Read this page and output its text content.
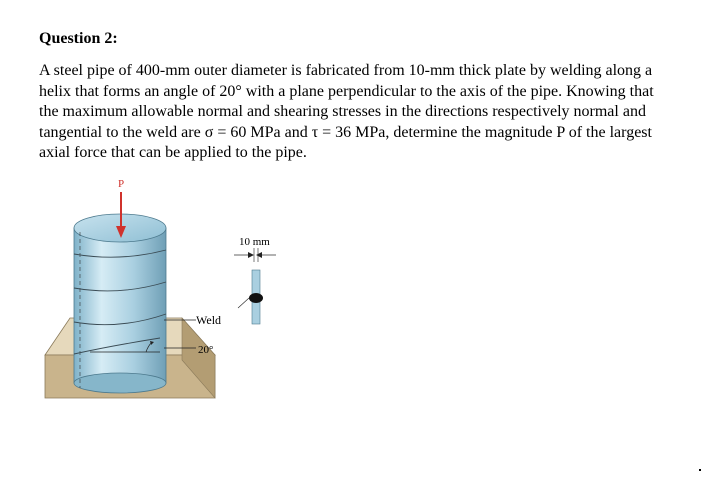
Question 2:

A steel pipe of 400-mm outer diameter is fabricated from 10-mm thick plate by welding along a helix that forms an angle of 20° with a plane perpendicular to the axis of the pipe. Knowing that the maximum allowable normal and shearing stresses in the directions respectively normal and tangential to the weld are σ = 60 MPa and τ = 36 MPa, determine the magnitude P of the largest axial force that can be applied to the pipe.

P
Weld
20°
10 mm
